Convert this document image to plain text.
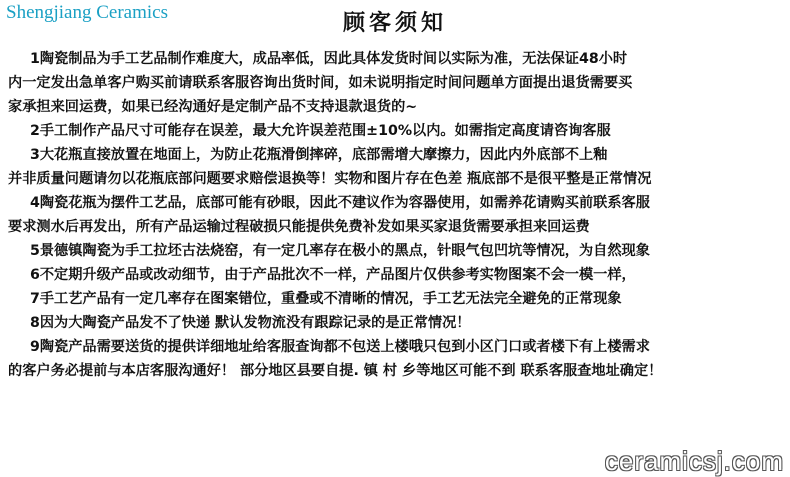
Shengjiang Ceramics	顾客须知
1陶瓷制品为手工艺品制作难度大，成品率低，因此具体发货时间以实际为准，无法保证48小时
内一定发出急单客户购买前请联系客服咨询出货时间，如未说明指定时间问题单方面提出退货需要买
家承担来回运费，如果已经沟通好是定制产品不支持退款退货的~
2手工制作产品尺寸可能存在误差，最大允许误差范围±10%以内。如需指定高度请咨询客服
3大花瓶直接放置在地面上，为防止花瓶滑倒摔碎，底部需增大摩擦力，因此内外底部不上釉
并非质量问题请勿以花瓶底部问题要求赔偿退换等！实物和图片存在色差 瓶底部不是很平整是正常情况
4陶瓷花瓶为摆件工艺品，底部可能有砂眼，因此不建议作为容器使用，如需养花请购买前联系客服
要求测水后再发出，所有产品运输过程破损只能提供免费补发如果买家退货需要承担来回运费
5景德镇陶瓷为手工拉坯古法烧窑，有一定几率存在极小的黑点，针眼气包凹坑等情况，为自然现象
6不定期升级产品或改动细节，由于产品批次不一样，产品图片仅供参考实物图案不会一模一样，
7手工艺产品有一定几率存在图案错位，重叠或不清晰的情况，手工艺无法完全避免的正常现象
8因为大陶瓷产品发不了快递 默认发物流没有跟踪记录的是正常情况！
9陶瓷产品需要送货的提供详细地址给客服查询都不包送上楼哦只包到小区门口或者楼下有上楼需求
的客户务必提前与本店客服沟通好！ 部分地区县要自提. 镇 村 乡等地区可能不到 联系客服查地址确定！
ceramicsj.com
